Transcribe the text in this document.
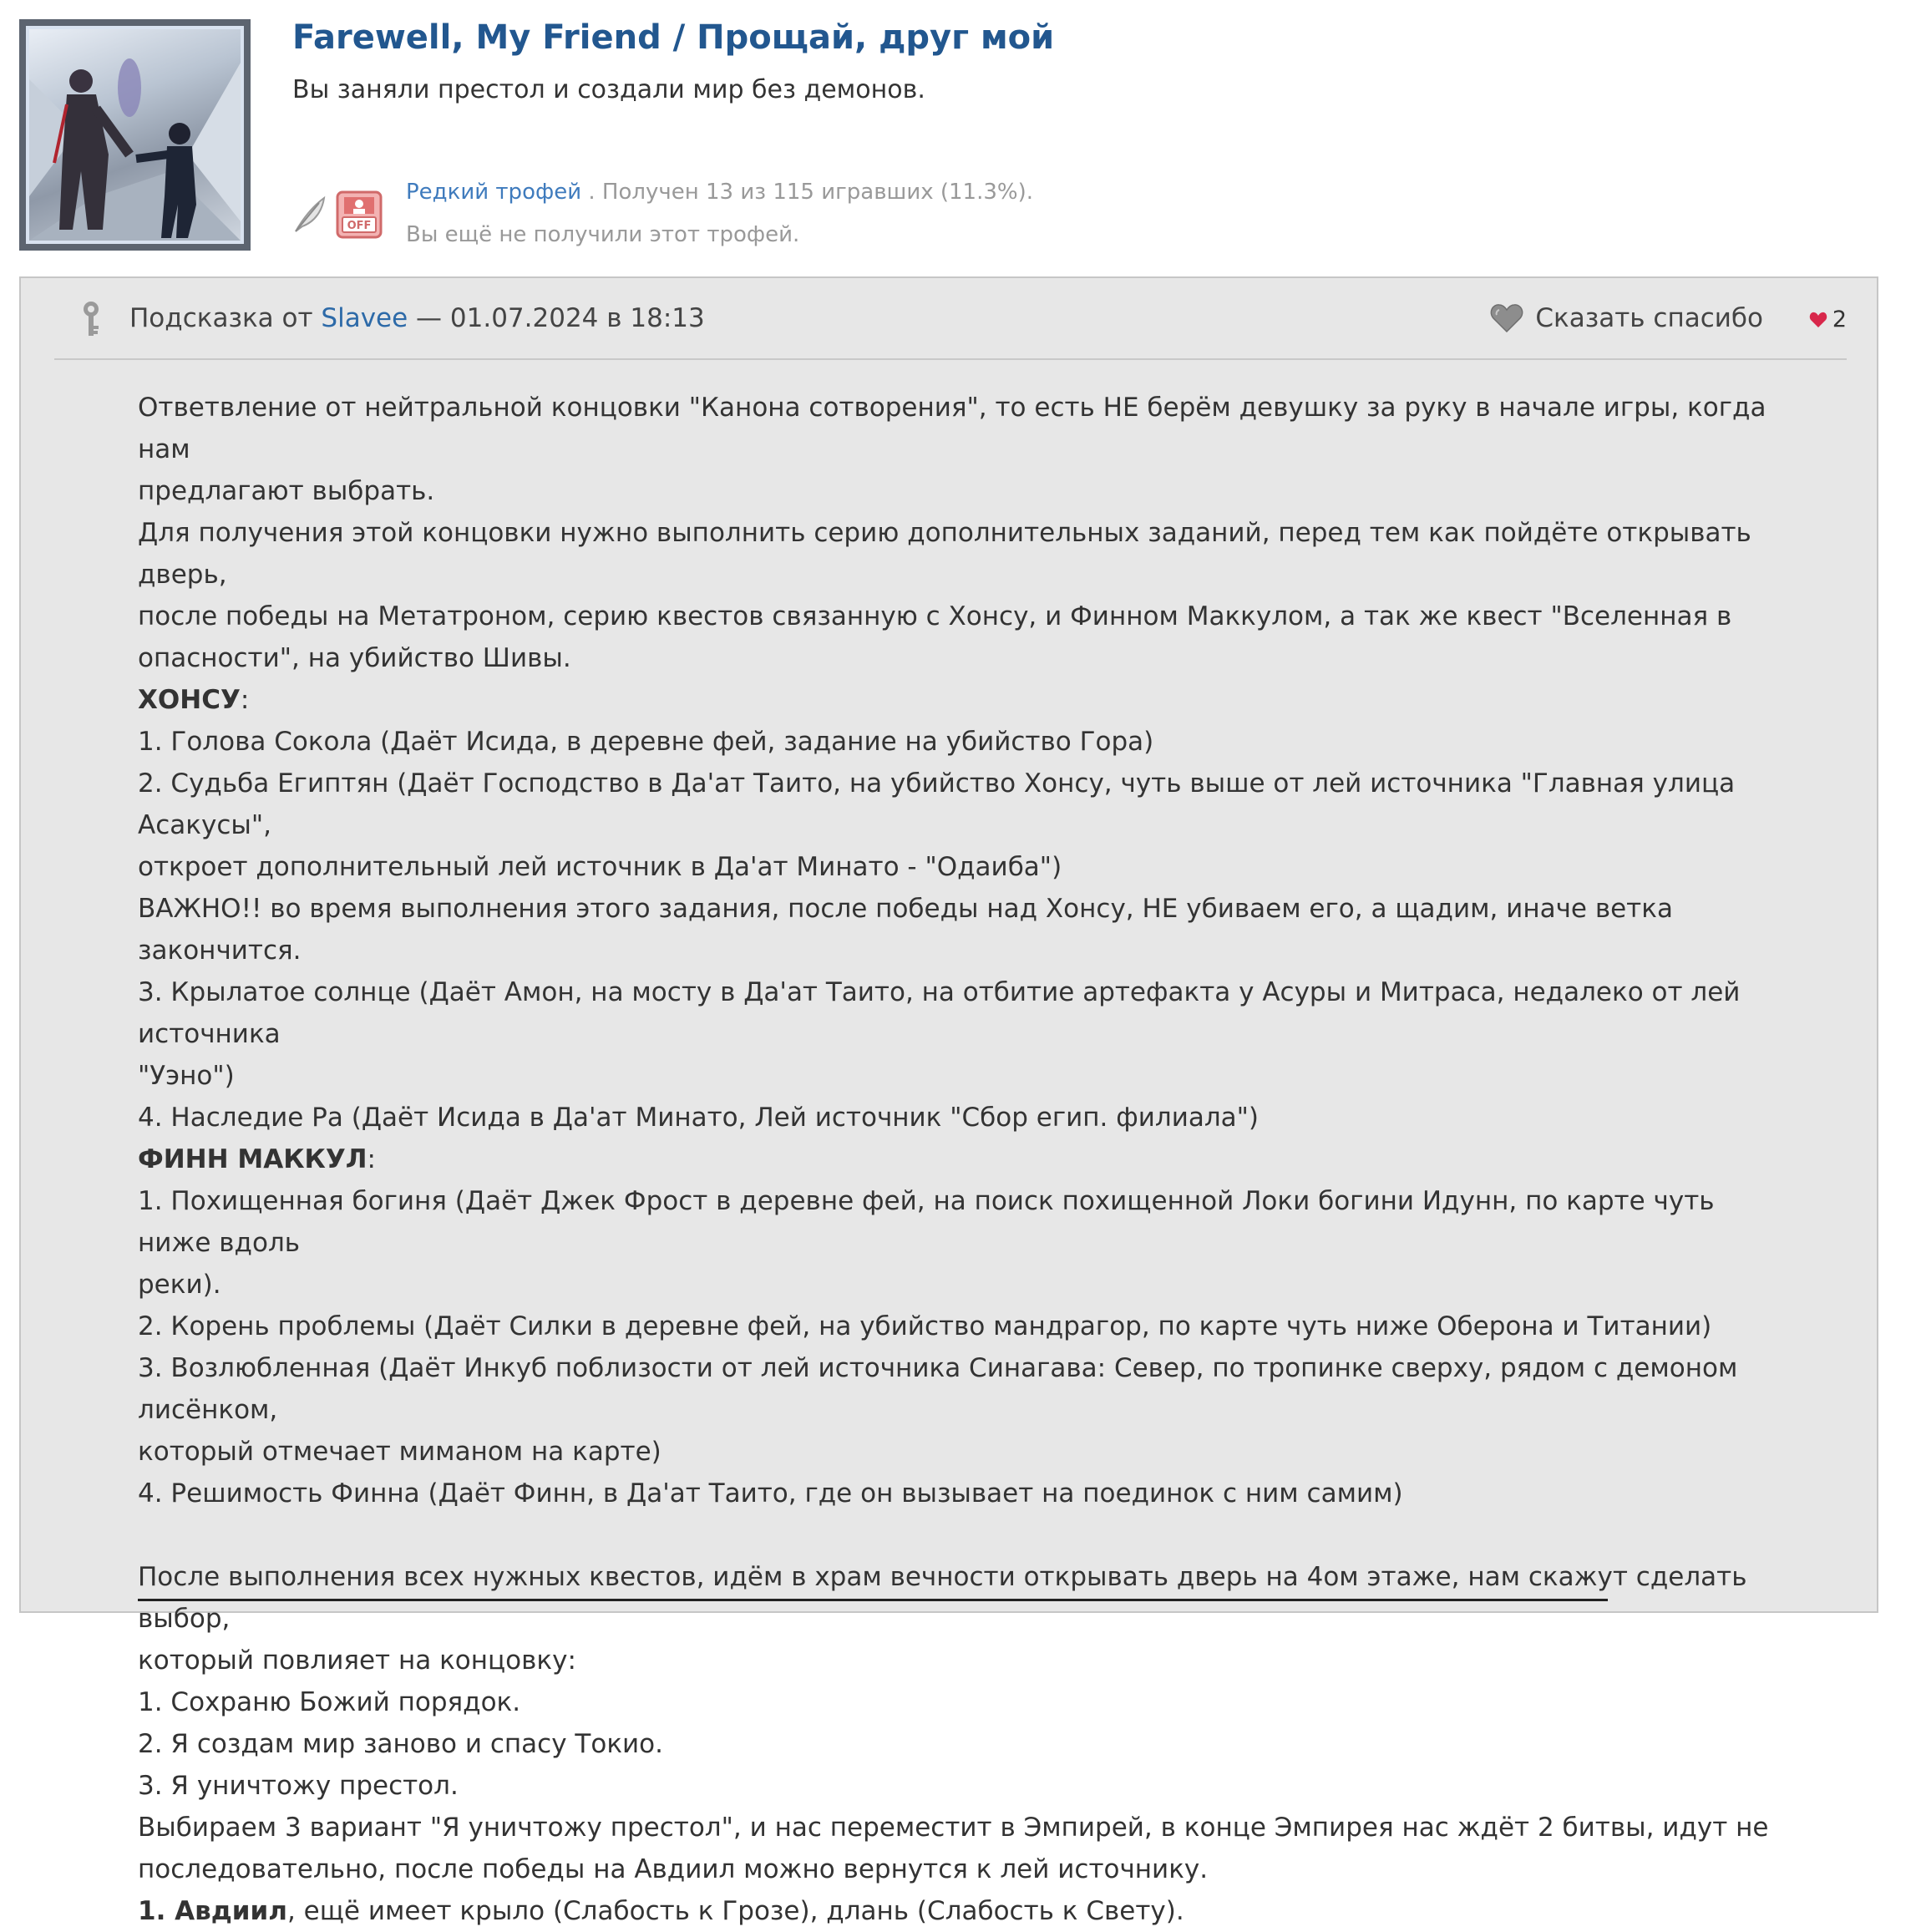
Farewell, My Friend / Прощай, друг мой
Вы заняли престол и создали мир без демонов.
OFF
Редкий трофей . Получен 13 из 115 игравших (11.3%).
Вы ещё не получили этот трофей.
Подсказка от Slavee — 01.07.2024 в 18:13	Сказать спасибо	2

Ответвление от нейтральной концовки "Канона сотворения", то есть НЕ берём девушку за руку в начале игры, когда нам

предлагают выбрать.

Для получения этой концовки нужно выполнить серию дополнительных заданий, перед тем как пойдёте открывать дверь,

после победы на Метатроном, серию квестов связанную с Хонсу, и Финном Маккулом, а так же квест "Вселенная в

опасности", на убийство Шивы.

ХОНСУ:

1. Голова Сокола (Даёт Исида, в деревне фей, задание на убийство Гора)

2. Судьба Египтян (Даёт Господство в Да'ат Таито, на убийство Хонсу, чуть выше от лей источника "Главная улица Асакусы",

откроет дополнительный лей источник в Да'ат Минато - "Одаиба")

ВАЖНО!! во время выполнения этого задания, после победы над Хонсу, НЕ убиваем его, а щадим, иначе ветка закончится.

3. Крылатое солнце (Даёт Амон, на мосту в Да'ат Таито, на отбитие артефакта у Асуры и Митраса, недалеко от лей источника

"Уэно")

4. Наследие Ра (Даёт Исида в Да'ат Минато, Лей источник "Сбор егип. филиала")

ФИНН МАККУЛ:

1. Похищенная богиня (Даёт Джек Фрост в деревне фей, на поиск похищенной Локи богини Идунн, по карте чуть ниже вдоль

реки).

2. Корень проблемы (Даёт Силки в деревне фей, на убийство мандрагор, по карте чуть ниже Оберона и Титании)

3. Возлюбленная (Даёт Инкуб поблизости от лей источника Синагава: Север, по тропинке сверху, рядом с демоном лисёнком,

который отмечает миманом на карте)

4. Решимость Финна (Даёт Финн, в Да'ат Таито, где он вызывает на поединок с ним самим)

После выполнения всех нужных квестов, идём в храм вечности открывать дверь на 4ом этаже, нам скажут сделать выбор,

который повлияет на концовку:

1. Сохраню Божий порядок.

2. Я создам мир заново и спасу Токио.

3. Я уничтожу престол.

Выбираем 3 вариант "Я уничтожу престол", и нас переместит в Эмпирей, в конце Эмпирея нас ждёт 2 битвы, идут не

последовательно, после победы на Авдиил можно вернутся к лей источнику.

1. Авдиил, ещё имеет крыло (Слабость к Грозе), длань (Слабость к Свету).
